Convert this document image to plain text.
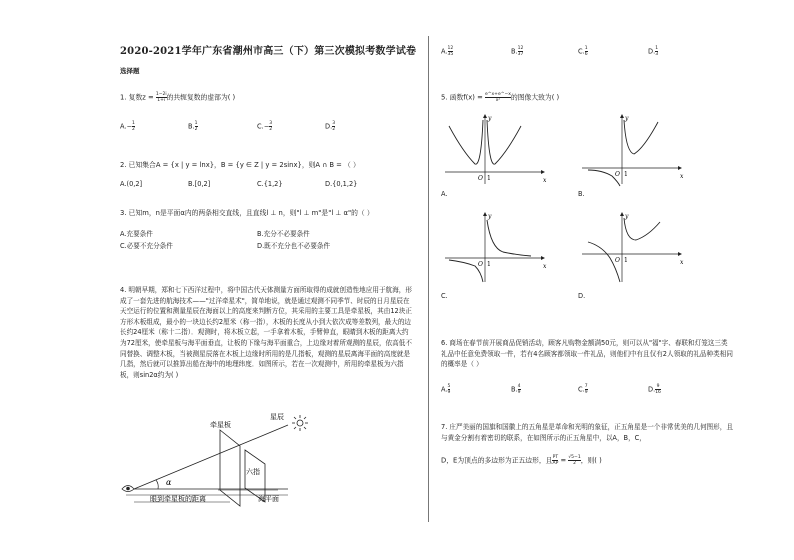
2020-2021学年广东省潮州市高三（下）第三次模拟考数学试卷
选择题
1. 复数$z = \frac{1-2i}{1+i}$ 的共轭复数的虚部为( )
$A.- \frac{1}{2}$	B. $\frac{1}{2}$	$C.- \frac{3}{2}$	D. $\frac{3}{2}$
2. 已知集合A = {x | y = lnx}，B = {y ∈ Z | y = 2sinx}，则A ∩ B = （ ）
A.(0,2]	B.[0,2]	C.{1,2}	D.{0,1,2}
3. 已知m，n是平面α内的两条相交直线，且直线l ⊥ n，则"l ⊥ m"是"l ⊥ α"的（ ）
A.充要条件	B.充分不必要条件
C.必要不充分条件	D.既不充分也不必要条件
4. 明朝早期，郑和七下西洋过程中，将中国古代天体测量方面所取得的成就创造性地应用于航海，形成了一套先进的航海技术——"过洋牵星术"，简单地说，就是通过观测不同季节、时辰的日月星辰在天空运行的位置和测量星辰在海面以上的高度来判断方位，其采用的主要工具是牵星板，其由12块正方形木板组成，最小的一块边长约2厘米（称一指），木板的长度从小到大依次成等差数列，最大的边长约24厘米（称十二指）．观测时，将木板立起，一手拿着木板，手臂伸直，眼睛到木板的距离大约为72厘米，使牵星板与海平面垂直，让板的下缘与海平面重合，上边缘对着所观测的星辰，依高低不同替换、调整木板，当被测星辰落在木板上边缘时所用的是几指板，观测的星辰离海平面的高度就是几指，然后就可以推算出船在海中的地理纬度．如图所示，若在一次观测中，所用的牵星板为六指板，则sin2α约为( )
α
星辰
牵星板
六指
眼到牵星板的距离	海平面
A. $\frac{12}{35}$	B. $\frac{12}{37}$	C. $\frac{1}{6}$	D. $\frac{1}{3}$
5. 函数$f(x) = \frac{e\^{}x+e\^{}-x}{\text{x²}}$ 的图像大致为( )
x
y
O 1
A.
x
y
O 1
B.
x
y
O 1
C.
x
y
O 1
D.
6. 商场在春节前开展商品促销活动，顾客凡购物金额满50元，则可以从"福"字、春联和灯笼这三类礼品中任意免费领取一件，若有4名顾客都领取一件礼品，则他们中有且仅有2人领取的礼品种类相同的概率是（ ）
A. $\frac{5}{9}$	B. $\frac{4}{9}$	C. $\frac{7}{9}$	D. $\frac{9}{16}$
7. 庄严美丽的国旗和国徽上的五角星是革命和光明的象征，正五角星是一个非常优美的几何图形，且与黄金分割有着密切的联系，在如图所示的正五角星中，以A，B，C，
D，E为顶点的多边形为正五边形，且 $\frac{PT}{AP} = \frac{√5-1}{2}$ ，则( )
